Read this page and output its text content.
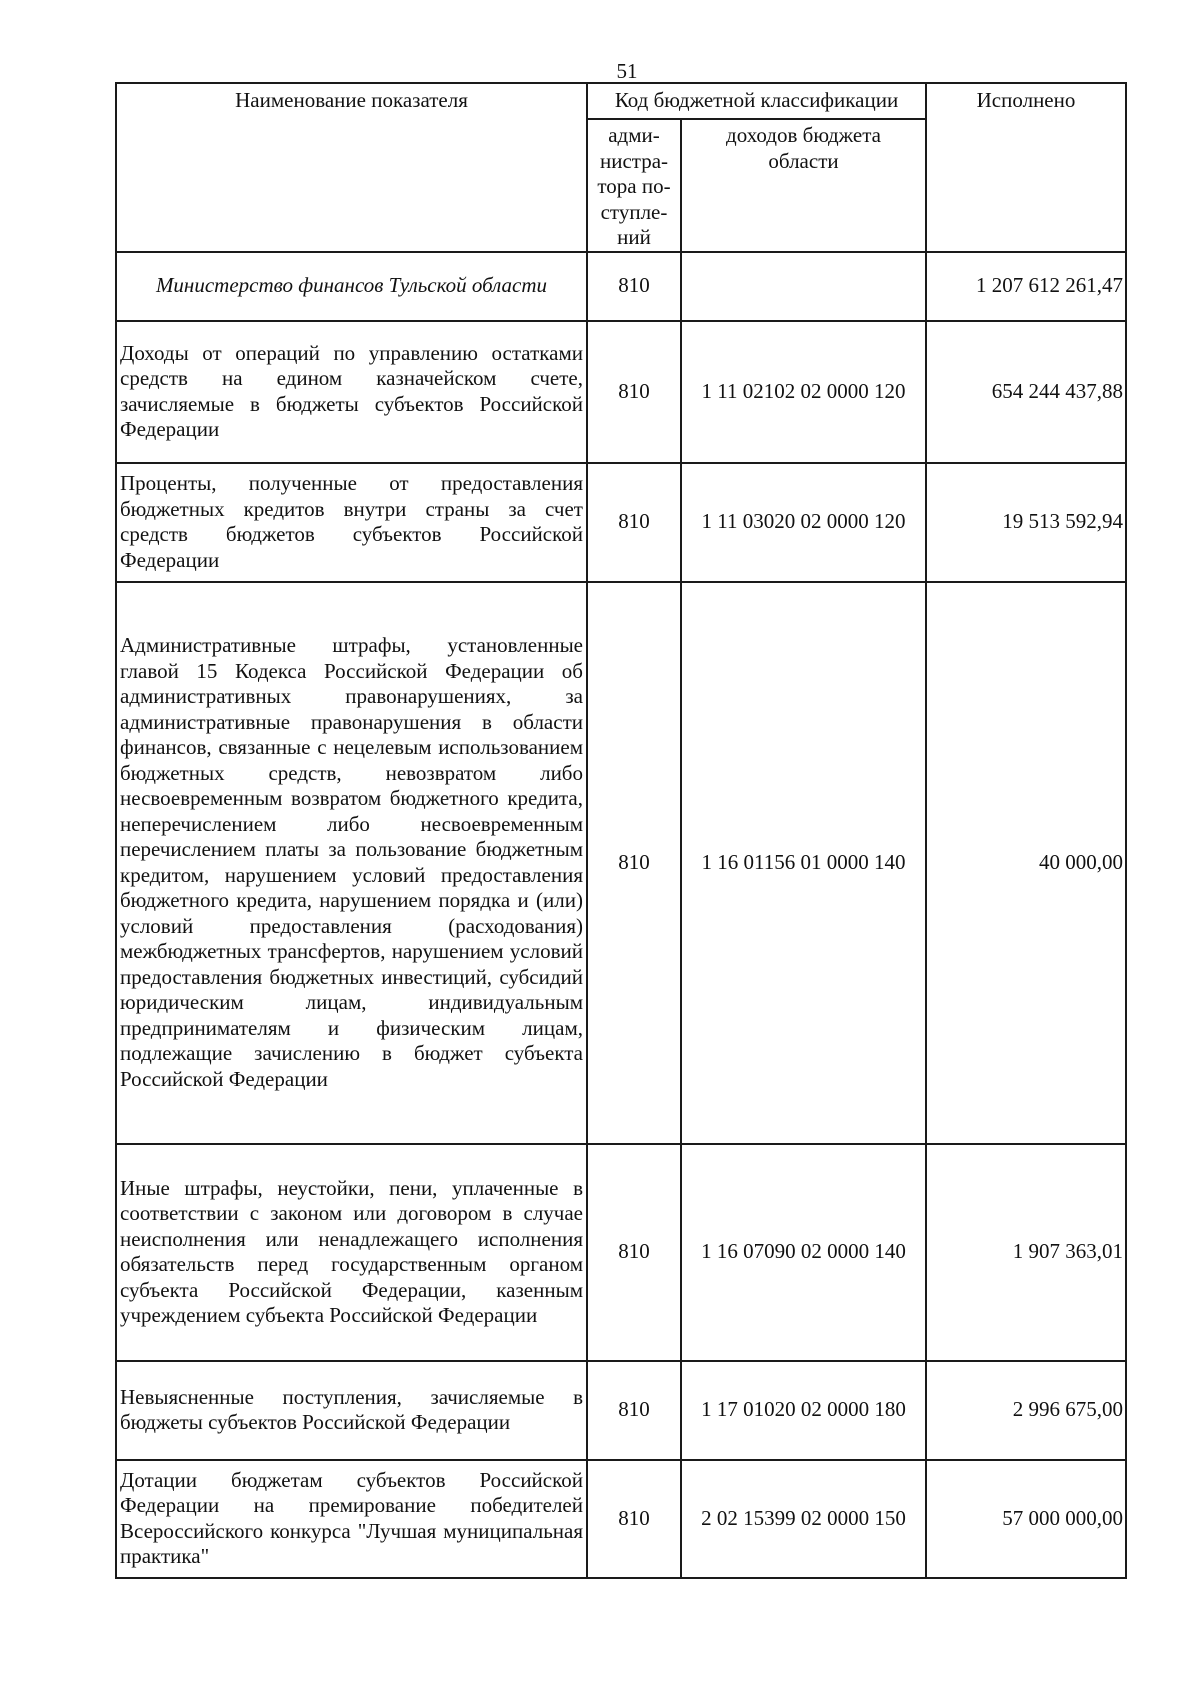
51
Наименование показателя	Код бюджетной классификации		Исполнено
	адми-
нистра-
тора по-
ступле-
ний	доходов бюджета
области	
Министерство финансов Тульской области	810		1 207 612 261,47
Доходы от операций по управлению остатками средств на едином казначейском счете, зачисляемые в бюджеты субъектов Российской Федерации	810	1 11 02102 02 0000 120	654 244 437,88
Проценты, полученные от предоставления бюджетных кредитов внутри страны за счет средств бюджетов субъектов Российской Федерации	810	1 11 03020 02 0000 120	19 513 592,94
Административные штрафы, установленные главой 15 Кодекса Российской Федерации об административных правонарушениях, за административные правонарушения в области финансов, связанные с нецелевым использованием бюджетных средств, невозвратом либо несвоевременным возвратом бюджетного кредита, неперечислением либо несвоевременным перечислением платы за пользование бюджетным кредитом, нарушением условий предоставления бюджетного кредита, нарушением порядка и (или) условий предоставления (расходования) межбюджетных трансфертов, нарушением условий предоставления бюджетных инвестиций, субсидий юридическим лицам, индивидуальным предпринимателям и физическим лицам, подлежащие зачислению в бюджет субъекта Российской Федерации	810	1 16 01156 01 0000 140	40 000,00
Иные штрафы, неустойки, пени, уплаченные в соответствии с законом или договором в случае неисполнения или ненадлежащего исполнения обязательств перед государственным органом субъекта Российской Федерации, казенным учреждением субъекта Российской Федерации	810	1 16 07090 02 0000 140	1 907 363,01
Невыясненные поступления, зачисляемые в бюджеты субъектов Российской Федерации	810	1 17 01020 02 0000 180	2 996 675,00
Дотации бюджетам субъектов Российской Федерации на премирование победителей Всероссийского конкурса "Лучшая муниципальная практика"	810	2 02 15399 02 0000 150	57 000 000,00
